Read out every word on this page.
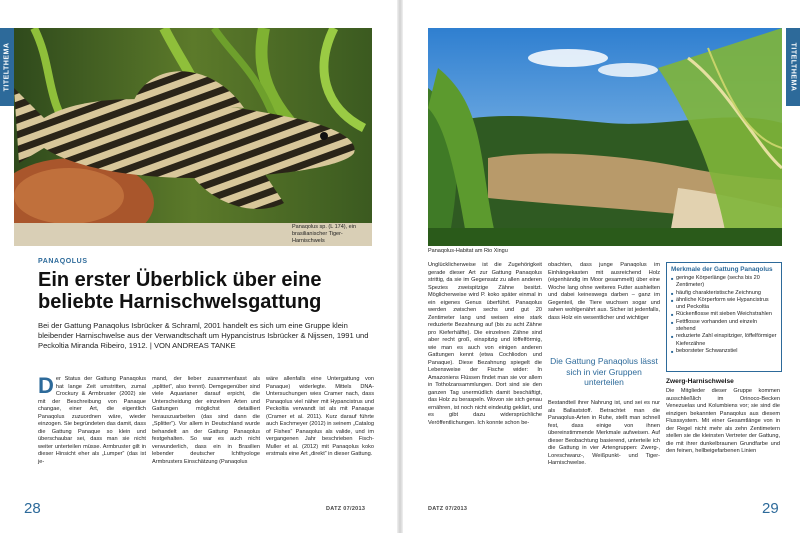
TITELTHEMA
Panaqolus sp. (L 174), ein brasilianischer Tiger-Harnischwels
PANAQOLUS
Ein erster Überblick über eine beliebte Harnischwelsgattung
Bei der Gattung Panaqolus Isbrücker & Schraml, 2001 handelt es sich um eine Gruppe klein bleibender Harnischwelse aus der Verwandtschaft um Hypancistrus Isbrücker & Nijssen, 1991 und Peckoltia Miranda Ribeiro, 1912. | VON ANDREAS TANKE
D er Status der Gattung Panaqolus hat lange Zeit umstritten, zumal Crockury & Armbruster (2002) sie mit der Beschreibung von Panaque changae, einer Art, die eigentlich Panaqolus zuzuordnen wäre, wieder einzogen. Sie begründeten das damit, dass die Gattung Panaque so klein und überschaubar sei, dass man sie nicht weiter unterteilen müsse. Armbruster gilt in dieser Hinsicht eher als „Lumper“ (das ist je-
mand, der lieber zusammenfasst als „splittet“, also trennt). Demgegenüber sind viele Aquarianer darauf erpicht, die Unterscheidung der einzelnen Arten und Gattungen möglichst detailliert herauszuarbeiten (das sind dann die „Splitter“). Vor allem in Deutschland wurde behandelt an der Gattung Panaqolus festgehalten. So war es auch nicht verwunderlich, dass ein in Brasilien lebender deutscher Ichthyologe Armbrusters Einschätzung (Panaqolus
wäre allenfalls eine Untergattung von Panaque) widerlegte. Mittels DNA-Untersuchungen wies Cramer nach, dass Panaqolus viel näher mit Hypancistrus und Peckoltia verwandt ist als mit Panaque (Cramer et al. 2011). Kurz darauf führte auch Eschmeyer (2012) in seinem „Catalog of Fishes“ Panaqolus als valide, und im vergangenen Jahr beschrieben Fisch-Muller et al. (2012) mit Panaqolus koko erstmals eine Art „direkt“ in dieser Gattung.
28	DATZ 07/2013
TITELTHEMA
Panaqolus-Habitat am Rio Xingu
Unglücklicherweise ist die Zugehörigkeit gerade dieser Art zur Gattung Panaqolus strittig, da sie im Gegensatz zu allen anderen Spezies zweispitzige Zähne besitzt. Möglicherweise wird P. koko später einmal in ein eigenes Genus überführt. Panaqolus werden zwischen sechs und gut 20 Zentimeter lang und weisen eine stark reduzierte Bezahnung auf (bis zu acht Zähne pro Kieferhälfte). Die einzelnen Zähne sind aber recht groß, einspitzig und löffelförmig, wie man es auch von einigen anderen Gattungen kennt (etwa Cochliodon und Panaque). Diese Bezahnung spiegelt die Lebensweise der Fische wider: In Amazoniens Flüssen findet man sie vor allem in Totholzansammlungen. Dort sind sie den ganzen Tag unermüdlich damit beschäftigt, das Holz zu beraspeln. Wovon sie sich genau ernähren, ist noch nicht eindeutig geklärt, und es gibt dazu widersprüchliche Veröffentlichungen. Ich konnte schon be-
obachten, dass junge Panaqolus im Einhängekasten mit ausreichend Holz (eigenhändig im Moor gesammelt) über eine Woche lang ohne weiteres Futter aushielten und dabei keineswegs darben – ganz im Gegenteil, die Tiere wuchsen sogar und sahen wohlgenährt aus. Sicher ist jedenfalls, dass Holz ein wesentlicher und wichtiger
Die Gattung Panaqolus lässt sich in vier Gruppen unterteilen
Bestandteil ihrer Nahrung ist, und sei es nur als Ballaststoff. Betrachtet man die Panaqolus-Arten in Ruhe, stellt man schnell fest, dass einige von ihnen übereinstimmende Merkmale aufweisen. Auf dieser Beobachtung basierend, unterteile ich die Gattung in vier Artengruppen: Zwerg-, Loreschwanz-, Weißpunkt- und Tiger-Harnischwelse.
Merkmale der Gattung Panaqolus
■ geringe Körperlänge (sechs bis 20 Zentimeter)
■ häufig charakteristische Zeichnung
■ ähnliche Körperform wie Hypancistrus und Peckoltia
■ Rückenflosse mit sieben Weichstrahlen
■ Fettflosse vorhanden und einzeln stehend
■ reduzierte Zahl einspitziger, löffelförmiger Kieferzähne
■ beborsteter Schwanzstiel
Zwerg-Harnischwelse
Die Mitglieder dieser Gruppe kommen ausschließlich im Orinoco-Becken Venezuelas und Kolumbiens vor; sie sind die einzigen bekannten Panaqolus aus diesem Flusssystem. Mit einer Gesamtlänge von in der Regel nicht mehr als zehn Zentimetern stellen sie die kleinsten Vertreter der Gattung, die mit ihrer dunkelbraunen Grundfarbe und den feinen, hellbeigefarbenen Linien
DATZ 07/2013	29
